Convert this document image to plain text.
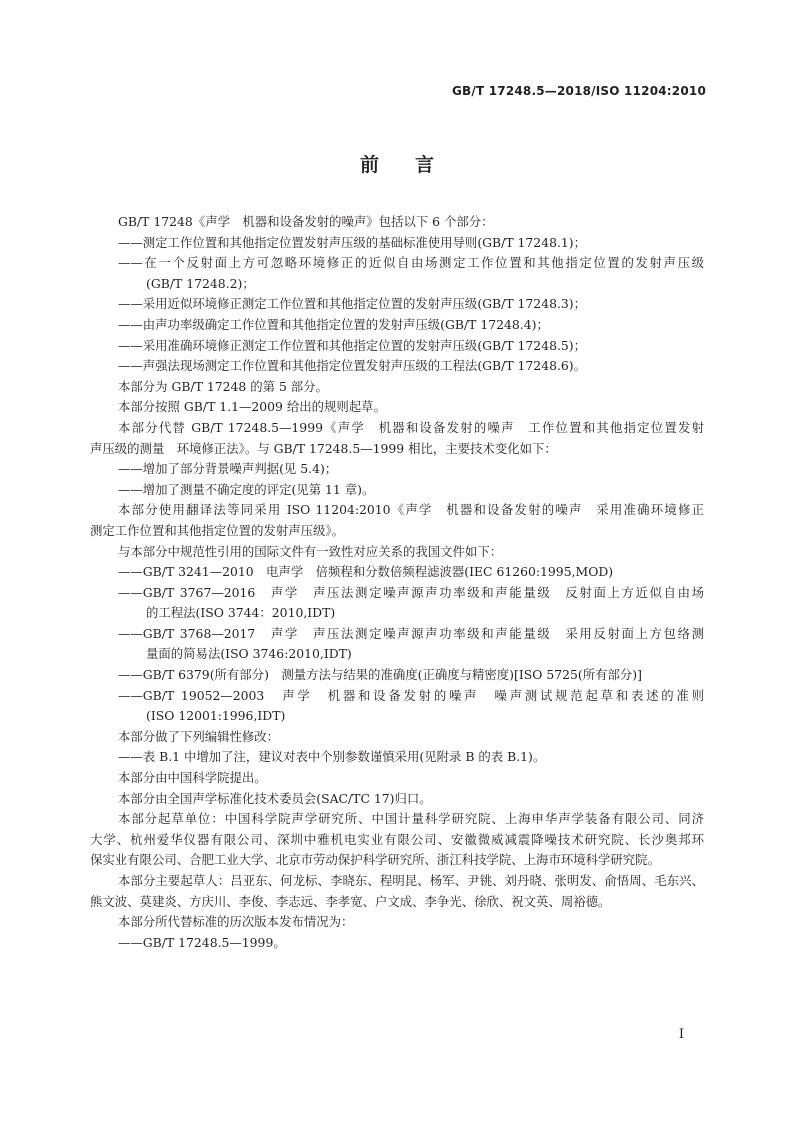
GB/T 17248.5—2018/ISO 11204:2010
前言
GB/T 17248《声学　机器和设备发射的噪声》包括以下 6 个部分：
——测定工作位置和其他指定位置发射声压级的基础标准使用导则(GB/T 17248.1)；
——在一个反射面上方可忽略环境修正的近似自由场测定工作位置和其他指定位置的发射声压级
(GB/T 17248.2)；
——采用近似环境修正测定工作位置和其他指定位置的发射声压级(GB/T 17248.3)；
——由声功率级确定工作位置和其他指定位置的发射声压级(GB/T 17248.4)；
——采用准确环境修正测定工作位置和其他指定位置的发射声压级(GB/T 17248.5)；
——声强法现场测定工作位置和其他指定位置发射声压级的工程法(GB/T 17248.6)。
本部分为 GB/T 17248 的第 5 部分。
本部分按照 GB/T 1.1—2009 给出的规则起草。
本部分代替 GB/T 17248.5—1999《声学　机器和设备发射的噪声　工作位置和其他指定位置发射
声压级的测量　环境修正法》。与 GB/T 17248.5—1999 相比，主要技术变化如下：
——增加了部分背景噪声判据(见 5.4)；
——增加了测量不确定度的评定(见第 11 章)。
本部分使用翻译法等同采用 ISO 11204:2010《声学　机器和设备发射的噪声　采用准确环境修正
测定工作位置和其他指定位置的发射声压级》。
与本部分中规范性引用的国际文件有一致性对应关系的我国文件如下：
——GB/T 3241—2010　电声学　倍频程和分数倍频程滤波器(IEC 61260:1995,MOD)
——GB/T 3767—2016　声学　声压法测定噪声源声功率级和声能量级　反射面上方近似自由场
的工程法(ISO 3744：2010,IDT)
——GB/T 3768—2017　声学　声压法测定噪声源声功率级和声能量级　采用反射面上方包络测
量面的简易法(ISO 3746:2010,IDT)
——GB/T 6379(所有部分)　测量方法与结果的准确度(正确度与精密度)[ISO 5725(所有部分)]
——GB/T 19052—2003　声学　机器和设备发射的噪声　噪声测试规范起草和表述的准则
(ISO 12001:1996,IDT)
本部分做了下列编辑性修改：
——表 B.1 中增加了注，建议对表中个别参数谨慎采用(见附录 B 的表 B.1)。
本部分由中国科学院提出。
本部分由全国声学标准化技术委员会(SAC/TC 17)归口。
本部分起草单位：中国科学院声学研究所、中国计量科学研究院、上海申华声学装备有限公司、同济
大学、杭州爱华仪器有限公司、深圳中雅机电实业有限公司、安徽微威减震降噪技术研究院、长沙奥邦环
保实业有限公司、合肥工业大学、北京市劳动保护科学研究所、浙江科技学院、上海市环境科学研究院。
本部分主要起草人：吕亚东、何龙标、李晓东、程明昆、杨军、尹铫、刘丹晓、张明发、俞悟周、毛东兴、
熊文波、莫建炎、方庆川、李俊、李志远、李孝宽、户文成、李争光、徐欣、祝文英、周裕德。
本部分所代替标准的历次版本发布情况为：
——GB/T 17248.5—1999。
I
